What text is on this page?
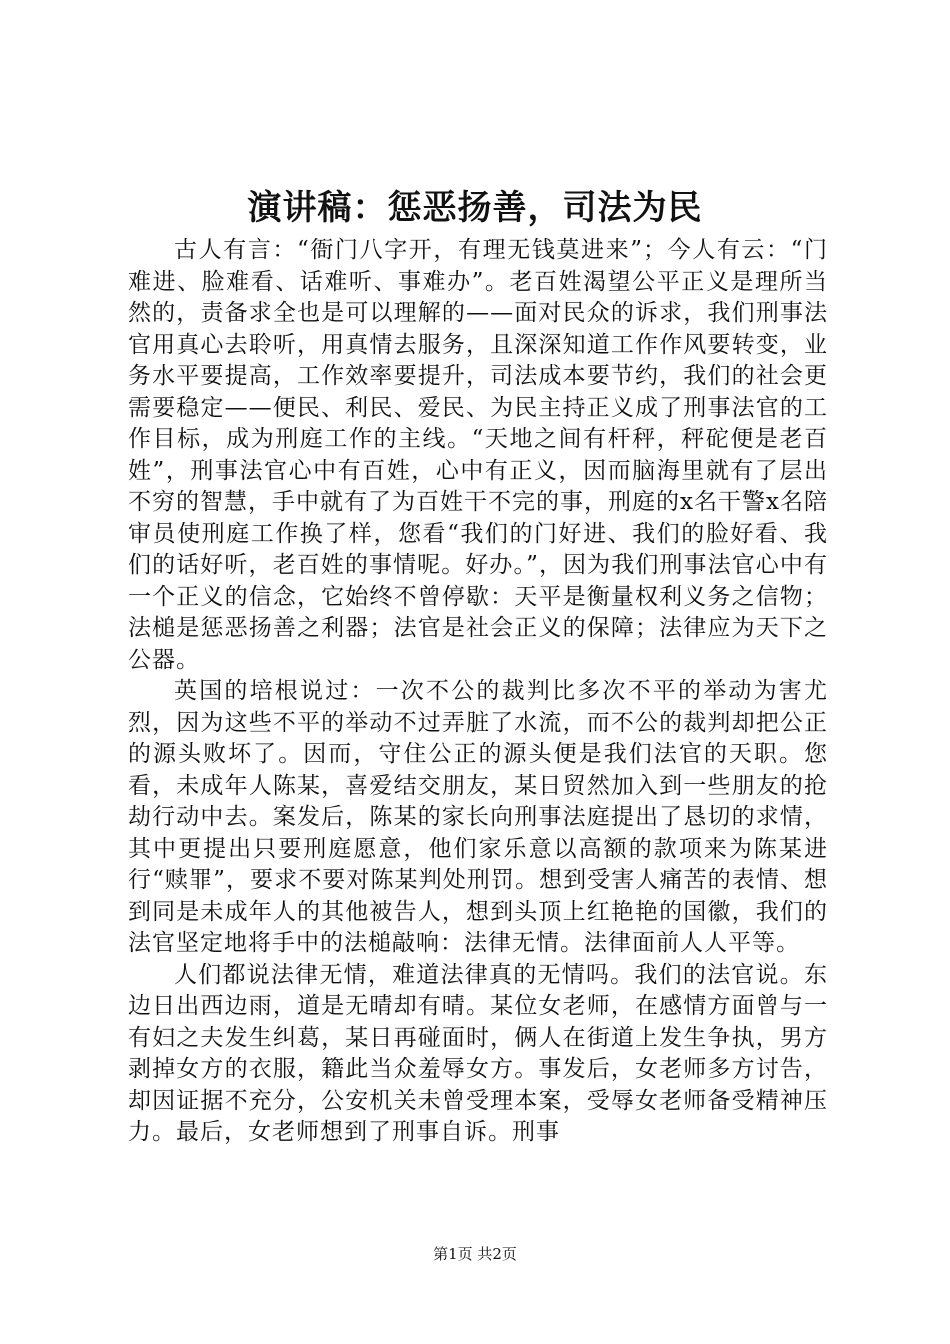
演讲稿：惩恶扬善，司法为民

古人有言：“衙门八字开，有理无钱莫进来”；今人有云：“门难进、脸难看、话难听、事难办”。老百姓渴望公平正义是理所当然的，责备求全也是可以理解的——面对民众的诉求，我们刑事法官用真心去聆听，用真情去服务，且深深知道工作作风要转变，业务水平要提高，工作效率要提升，司法成本要节约，我们的社会更需要稳定——便民、利民、爱民、为民主持正义成了刑事法官的工作目标，成为刑庭工作的主线。“天地之间有杆秤，秤砣便是老百姓”，刑事法官心中有百姓，心中有正义，因而脑海里就有了层出不穷的智慧，手中就有了为百姓干不完的事，刑庭的x名干警x名陪审员使刑庭工作换了样，您看“我们的门好进、我们的脸好看、我们的话好听，老百姓的事情呢。好办。”，因为我们刑事法官心中有一个正义的信念，它始终不曾停歇：天平是衡量权利义务之信物；法槌是惩恶扬善之利器；法官是社会正义的保障；法律应为天下之公器。

英国的培根说过：一次不公的裁判比多次不平的举动为害尤烈，因为这些不平的举动不过弄脏了水流，而不公的裁判却把公正的源头败坏了。因而，守住公正的源头便是我们法官的天职。您看，未成年人陈某，喜爱结交朋友，某日贸然加入到一些朋友的抢劫行动中去。案发后，陈某的家长向刑事法庭提出了恳切的求情，其中更提出只要刑庭愿意，他们家乐意以高额的款项来为陈某进行“赎罪”，要求不要对陈某判处刑罚。想到受害人痛苦的表情、想到同是未成年人的其他被告人，想到头顶上红艳艳的国徽，我们的法官坚定地将手中的法槌敲响：法律无情。法律面前人人平等。

人们都说法律无情，难道法律真的无情吗。我们的法官说。东边日出西边雨，道是无晴却有晴。某位女老师，在感情方面曾与一有妇之夫发生纠葛，某日再碰面时，俩人在街道上发生争执，男方剥掉女方的衣服，籍此当众羞辱女方。事发后，女老师多方讨告，却因证据不充分，公安机关未曾受理本案，受辱女老师备受精神压力。最后，女老师想到了刑事自诉。刑事

第1页 共2页
